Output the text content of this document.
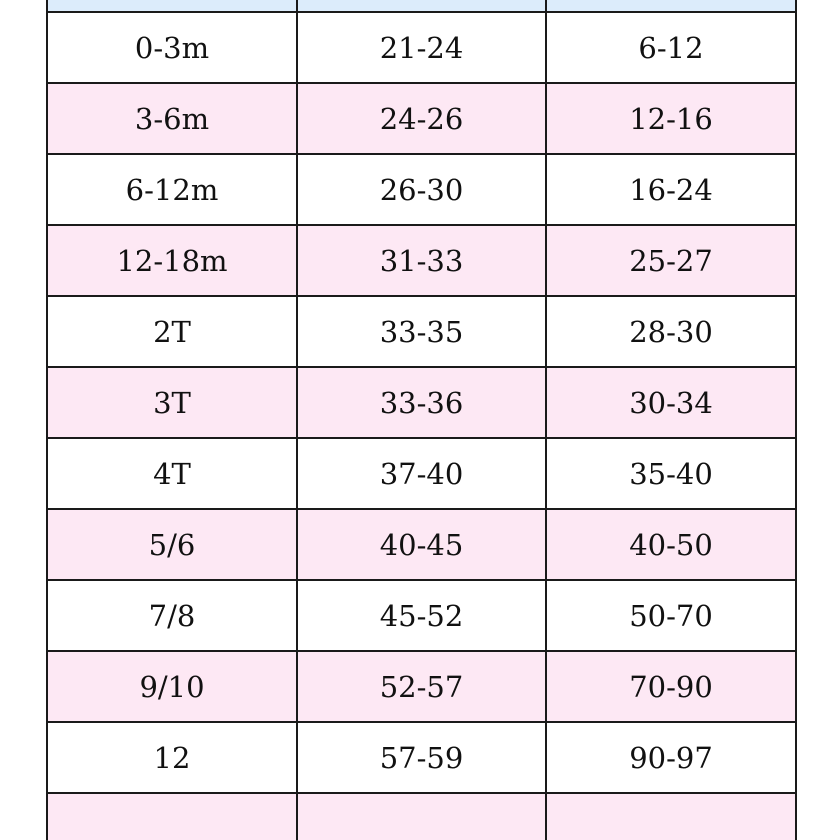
0-3m	21-24	6-12
3-6m	24-26	12-16
6-12m	26-30	16-24
12-18m	31-33	25-27
2T	33-35	28-30
3T	33-36	30-34
4T	37-40	35-40
5/6	40-45	40-50
7/8	45-52	50-70
9/10	52-57	70-90
12	57-59	90-97
